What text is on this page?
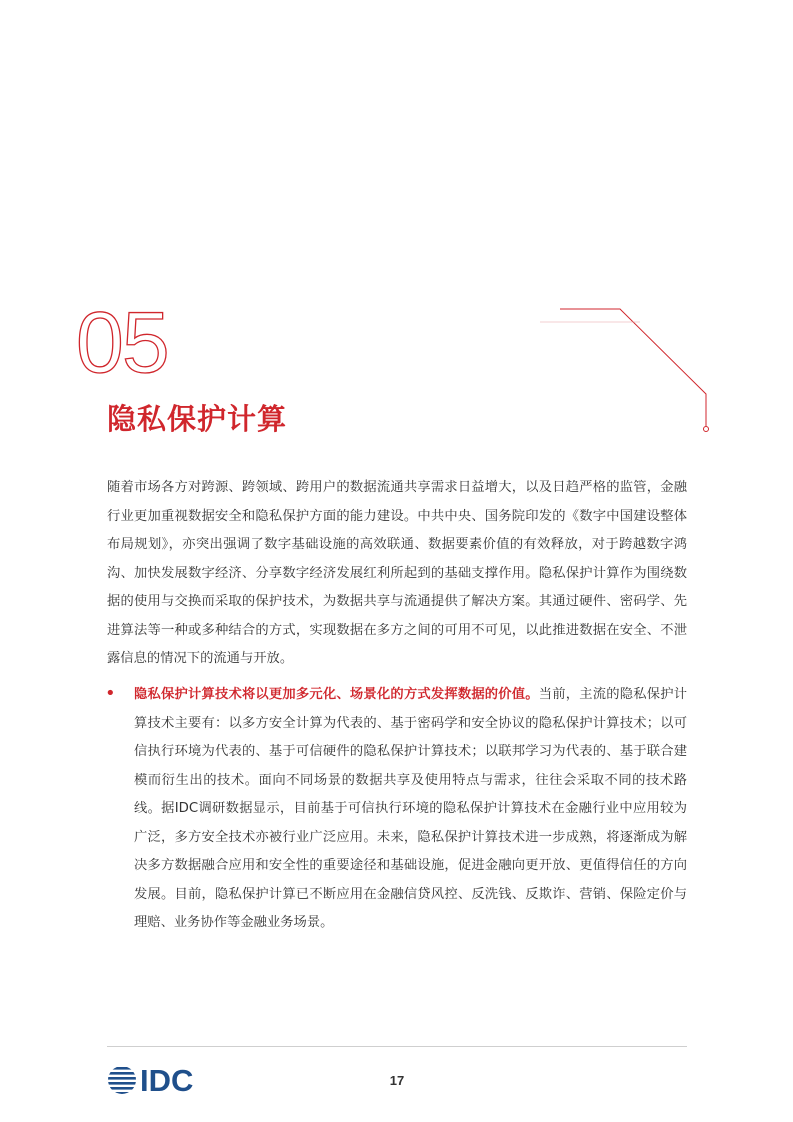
05
隐私保护计算

随着市场各方对跨源、跨领域、跨用户的数据流通共享需求日益增大，以及日趋严格的监管，金融行业更加重视数据安全和隐私保护方面的能力建设。中共中央、国务院印发的《数字中国建设整体布局规划》，亦突出强调了数字基础设施的高效联通、数据要素价值的有效释放，对于跨越数字鸿沟、加快发展数字经济、分享数字经济发展红利所起到的基础支撑作用。隐私保护计算作为围绕数据的使用与交换而采取的保护技术，为数据共享与流通提供了解决方案。其通过硬件、密码学、先进算法等一种或多种结合的方式，实现数据在多方之间的可用不可见，以此推进数据在安全、不泄露信息的情况下的流通与开放。

• 隐私保护计算技术将以更加多元化、场景化的方式发挥数据的价值。当前，主流的隐私保护计算技术主要有：以多方安全计算为代表的、基于密码学和安全协议的隐私保护计算技术；以可信执行环境为代表的、基于可信硬件的隐私保护计算技术；以联邦学习为代表的、基于联合建模而衍生出的技术。面向不同场景的数据共享及使用特点与需求，往往会采取不同的技术路线。据IDC调研数据显示，目前基于可信执行环境的隐私保护计算技术在金融行业中应用较为广泛，多方安全技术亦被行业广泛应用。未来，隐私保护计算技术进一步成熟，将逐渐成为解决多方数据融合应用和安全性的重要途径和基础设施，促进金融向更开放、更值得信任的方向发展。目前，隐私保护计算已不断应用在金融信贷风控、反洗钱、反欺诈、营销、保险定价与理赔、业务协作等金融业务场景。

IDC	17
